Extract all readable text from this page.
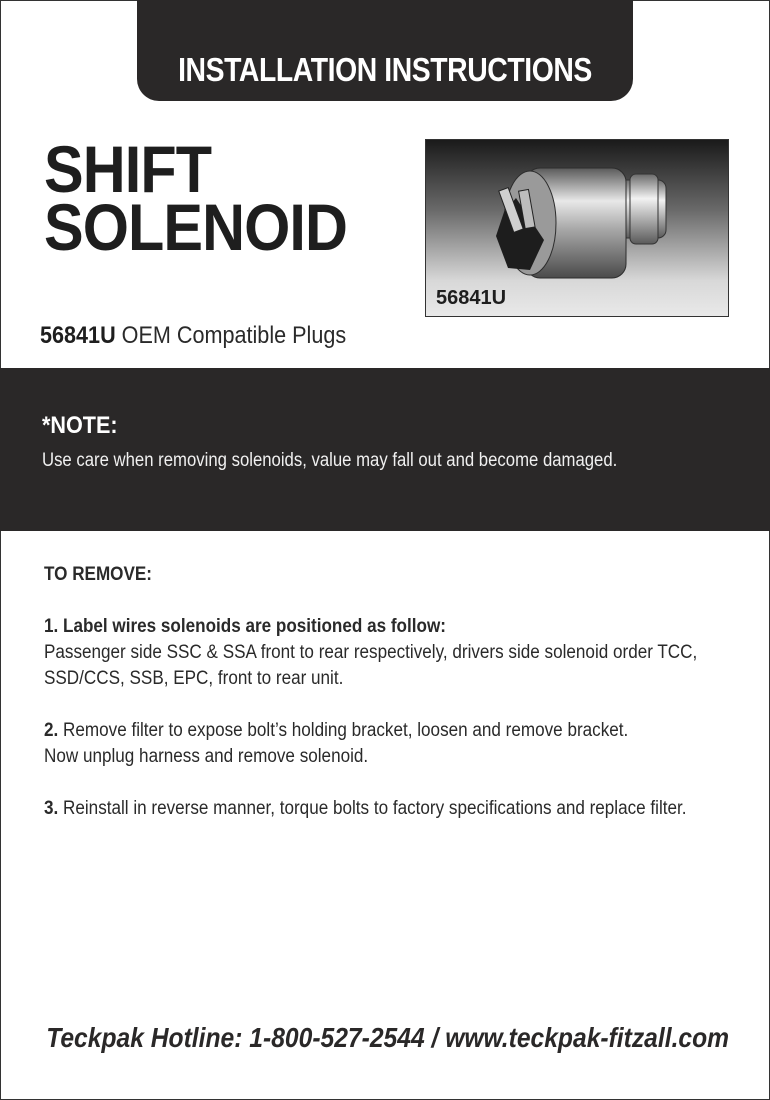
INSTALLATION INSTRUCTIONS
SHIFT
SOLENOID
56841U
56841U OEM Compatible Plugs
*NOTE:
Use care when removing solenoids, value may fall out and become damaged.

TO REMOVE:

1. Label wires solenoids are positioned as follow:

Passenger side SSC & SSA front to rear respectively, drivers side solenoid order TCC,

SSD/CCS, SSB, EPC, front to rear unit.

2. Remove filter to expose bolt’s holding bracket, loosen and remove bracket.

Now unplug harness and remove solenoid.

3. Reinstall in reverse manner, torque bolts to factory specifications and replace filter.

Teckpak Hotline: 1-800-527-2544 / www.teckpak-fitzall.com
